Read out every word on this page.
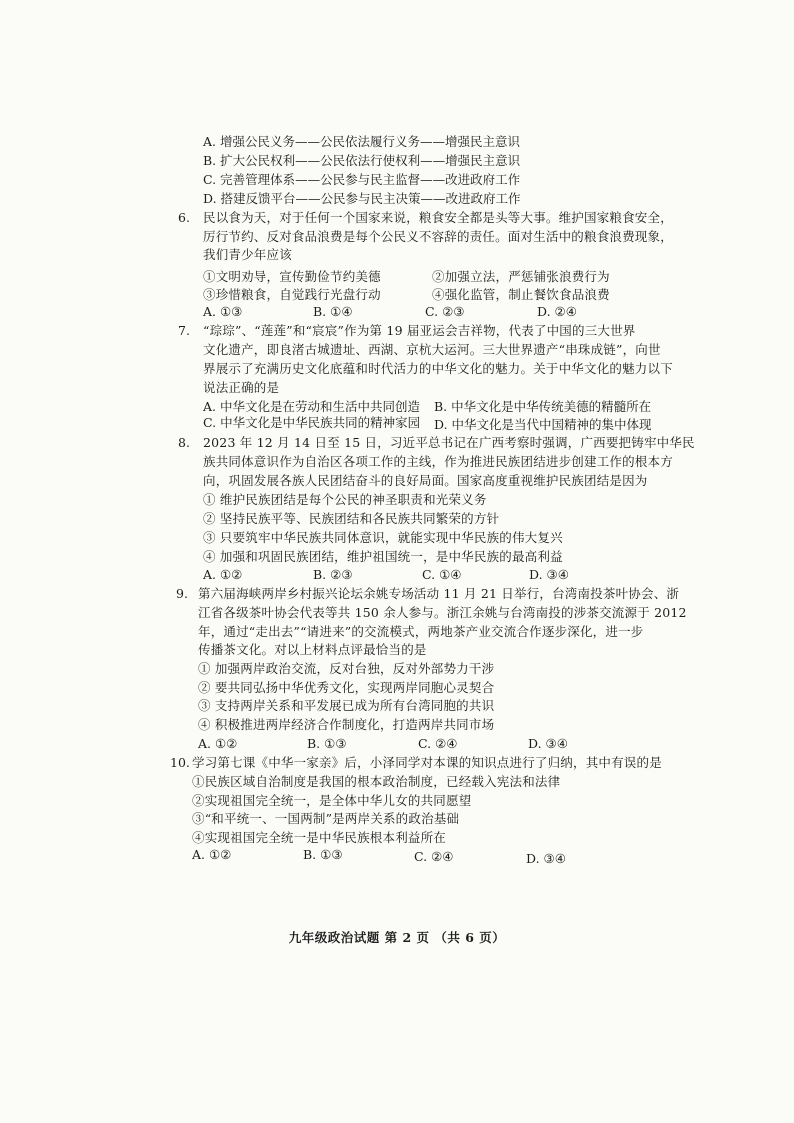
A. 增强公民义务——公民依法履行义务——增强民主意识
B. 扩大公民权利——公民依法行使权利——增强民主意识
C. 完善管理体系——公民参与民主监督——改进政府工作
D. 搭建反馈平台——公民参与民主决策——改进政府工作
6. 民以食为天，对于任何一个国家来说，粮食安全都是头等大事。维护国家粮食安全，
厉行节约、反对食品浪费是每个公民义不容辞的责任。面对生活中的粮食浪费现象，
我们青少年应该
①文明劝导，宣传勤俭节约美德	②加强立法，严惩铺张浪费行为
③珍惜粮食，自觉践行光盘行动	④强化监管，制止餐饮食品浪费
A. ①③	B. ①④	C. ②③	D. ②④
7. “琮琮”、“莲莲”和“宸宸”作为第 19 届亚运会吉祥物，代表了中国的三大世界
文化遗产，即良渚古城遗址、西湖、京杭大运河。三大世界遗产“串珠成链”，向世
界展示了充满历史文化底蕴和时代活力的中华文化的魅力。关于中华文化的魅力以下
说法正确的是
A. 中华文化是在劳动和生活中共同创造 B. 中华文化是中华传统美德的精髓所在
C. 中华文化是中华民族共同的精神家园 D. 中华文化是当代中国精神的集中体现
8. 2023 年 12 月 14 日至 15 日，习近平总书记在广西考察时强调，广西要把铸牢中华民
族共同体意识作为自治区各项工作的主线，作为推进民族团结进步创建工作的根本方
向，巩固发展各族人民团结奋斗的良好局面。国家高度重视维护民族团结是因为
① 维护民族团结是每个公民的神圣职责和光荣义务
② 坚持民族平等、民族团结和各民族共同繁荣的方针
③ 只要筑牢中华民族共同体意识，就能实现中华民族的伟大复兴
④ 加强和巩固民族团结，维护祖国统一，是中华民族的最高利益
A. ①②	B. ②③	C. ①④	D. ③④
9. 第六届海峡两岸乡村振兴论坛余姚专场活动 11 月 21 日举行，台湾南投茶叶协会、浙
江省各级茶叶协会代表等共 150 余人参与。浙江余姚与台湾南投的涉茶交流源于 2012
年，通过“走出去”“请进来”的交流模式，两地茶产业交流合作逐步深化，进一步
传播茶文化。对以上材料点评最恰当的是
① 加强两岸政治交流，反对台独，反对外部势力干涉
② 要共同弘扬中华优秀文化，实现两岸同胞心灵契合
③ 支持两岸关系和平发展已成为所有台湾同胞的共识
④ 积极推进两岸经济合作制度化，打造两岸共同市场
A. ①②	B. ①③	C. ②④	D. ③④
10. 学习第七课《中华一家亲》后，小泽同学对本课的知识点进行了归纳，其中有误的是
①民族区域自治制度是我国的根本政治制度，已经载入宪法和法律
②实现祖国完全统一，是全体中华儿女的共同愿望
③“和平统一、一国两制”是两岸关系的政治基础
④实现祖国完全统一是中华民族根本利益所在
A. ①②	B. ①③	C. ②④	D. ③④
九年级政治试题 第 2 页 （共 6 页）
